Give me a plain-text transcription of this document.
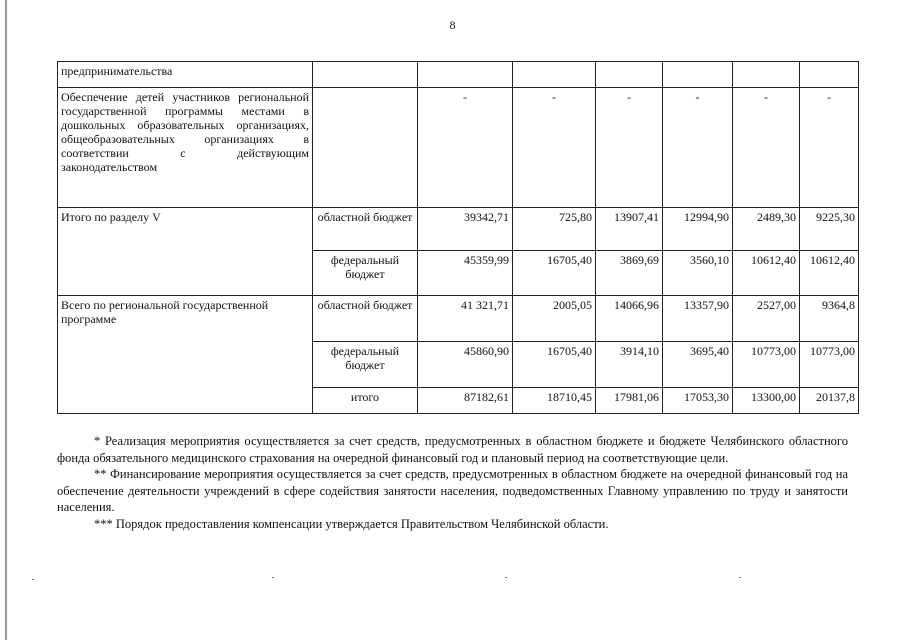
8
предпринимательства							
Обеспечение детей участников региональной государственной программы местами в дошкольных образовательных организациях, общеобразовательных организациях в соответствии с действующим законодательством		-	-	-	-	-	-
Итого по разделу V	областной бюджет	39342,71	725,80	13907,41	12994,90	2489,30	9225,30
	федеральный бюджет	45359,99	16705,40	3869,69	3560,10	10612,40	10612,40
Всего по региональной государственной программе	областной бюджет	41 321,71	2005,05	14066,96	13357,90	2527,00	9364,8
	федеральный бюджет	45860,90	16705,40	3914,10	3695,40	10773,00	10773,00
	итого	87182,61	18710,45	17981,06	17053,30	13300,00	20137,8

* Реализация мероприятия осуществляется за счет средств, предусмотренных в областном бюджете и бюджете Челябинского областного фонда обязательного медицинского страхования на очередной финансовый год и плановый период на соответствующие цели.

** Финансирование мероприятия осуществляется за счет средств, предусмотренных в областном бюджете на очередной финансовый год на обеспечение деятельности учреждений в сфере содействия занятости населения, подведомственных Главному управлению по труду и занятости населения.

*** Порядок предоставления компенсации утверждается Правительством Челябинской области.
